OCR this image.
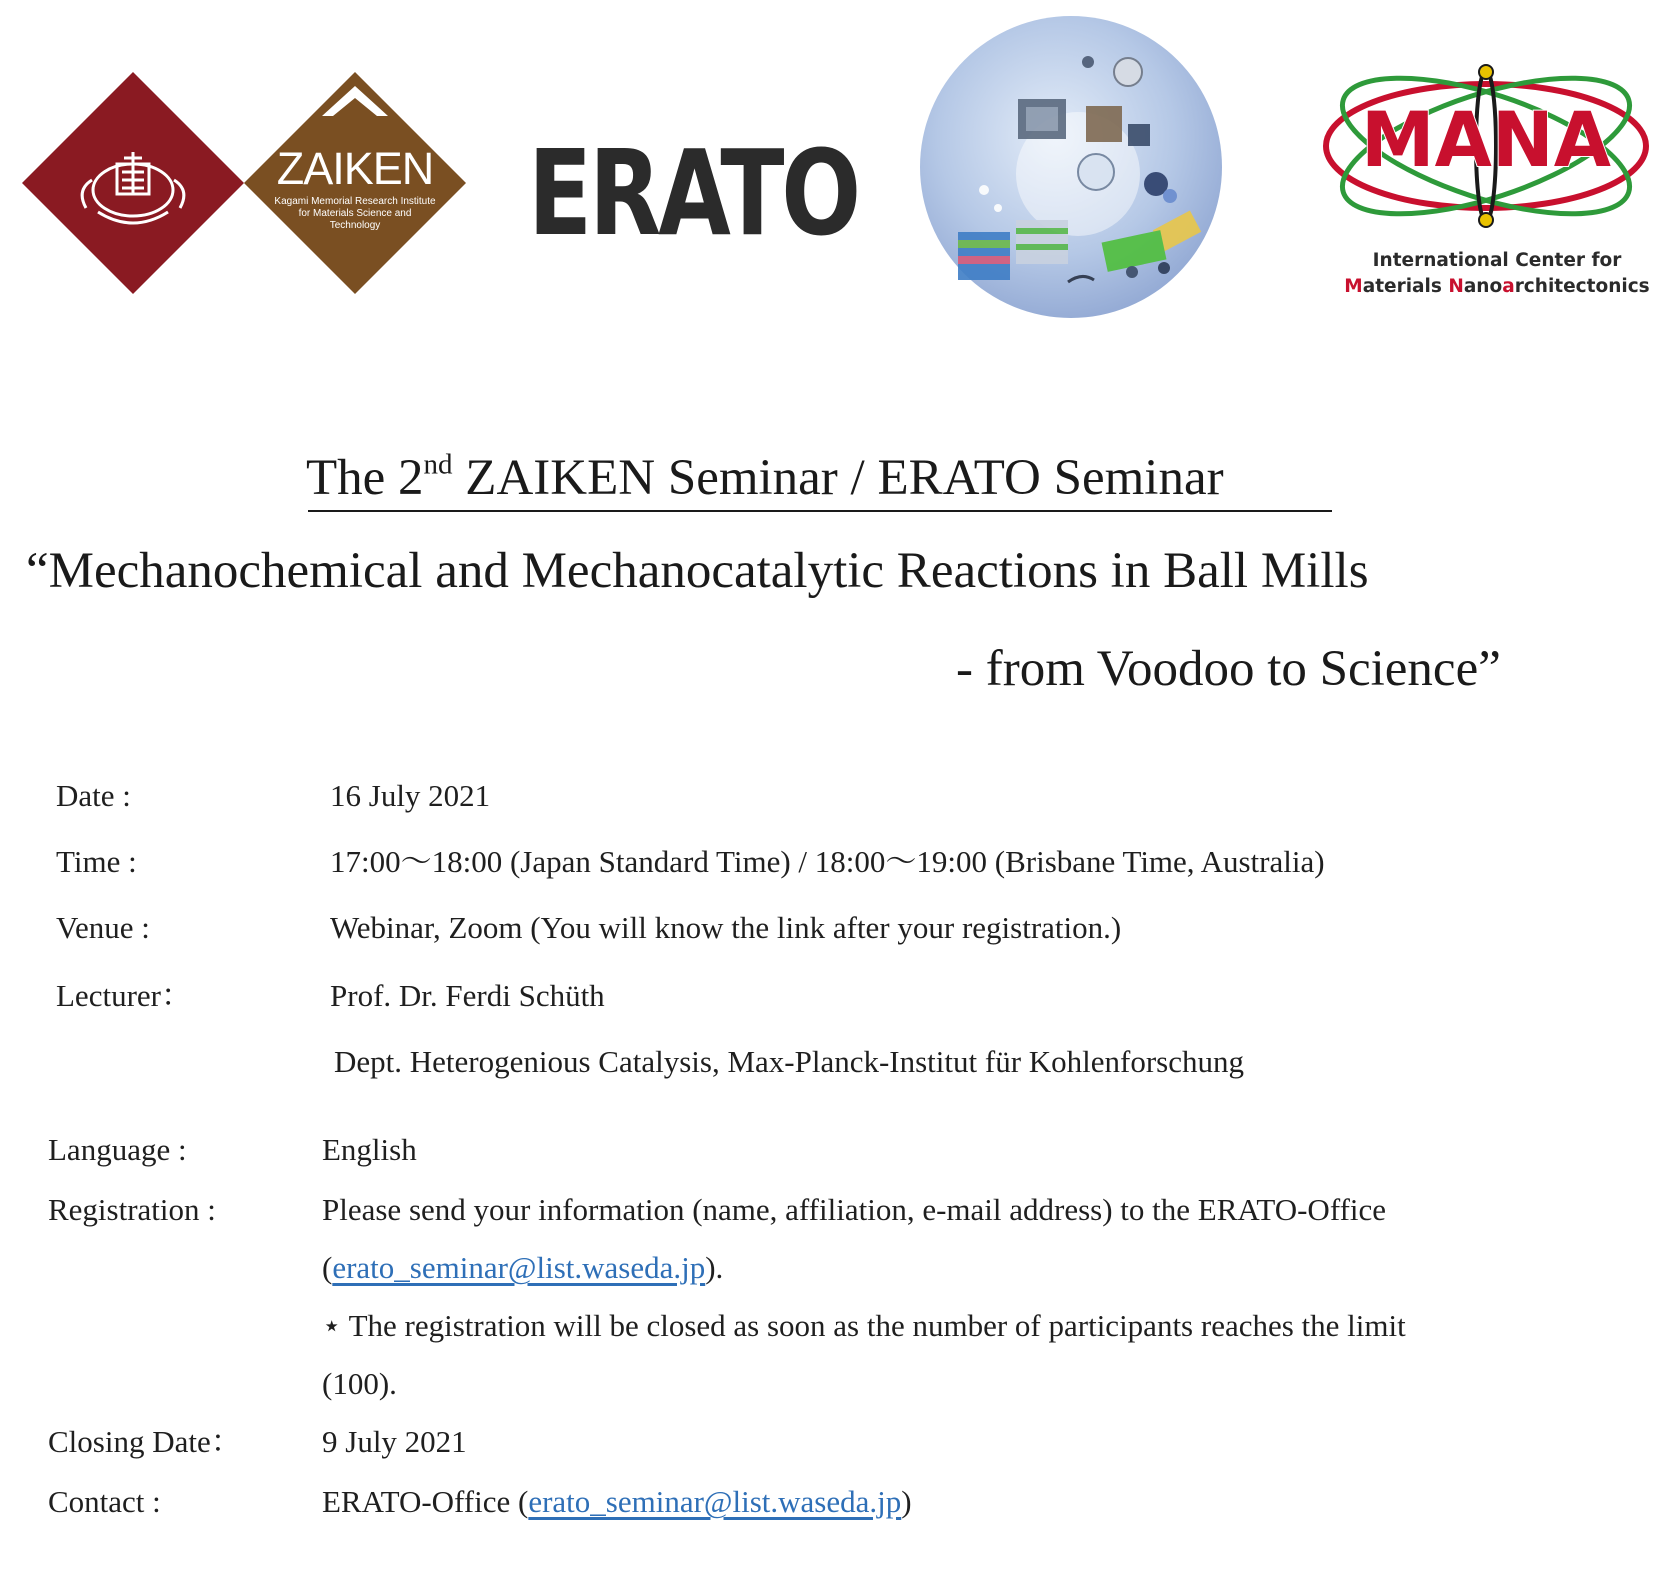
ZAIKEN
Kagami Memorial Research Institute
for Materials Science and
Technology ERATO	MANA
International Center for
Materials Nanoarchitectonics
The 2nd ZAIKEN Seminar / ERATO Seminar
“Mechanochemical and Mechanocatalytic Reactions in Ball Mills
- from Voodoo to Science”
Date :	16 July 2021
Time :	17:00～18:00 (Japan Standard Time) / 18:00～19:00 (Brisbane Time, Australia)
Venue :	Webinar, Zoom (You will know the link after your registration.)
Lecturer：	Prof. Dr. Ferdi Schüth
Dept. Heterogenious Catalysis, Max-Planck-Institut für Kohlenforschung
Language :	English
Registration :	Please send your information (name, affiliation, e-mail address) to the ERATO-Office
(erato_seminar@list.waseda.jp).
⋆ The registration will be closed as soon as the number of participants reaches the limit
(100).
Closing Date：	9 July 2021
Contact :	ERATO-Office (erato_seminar@list.waseda.jp)
